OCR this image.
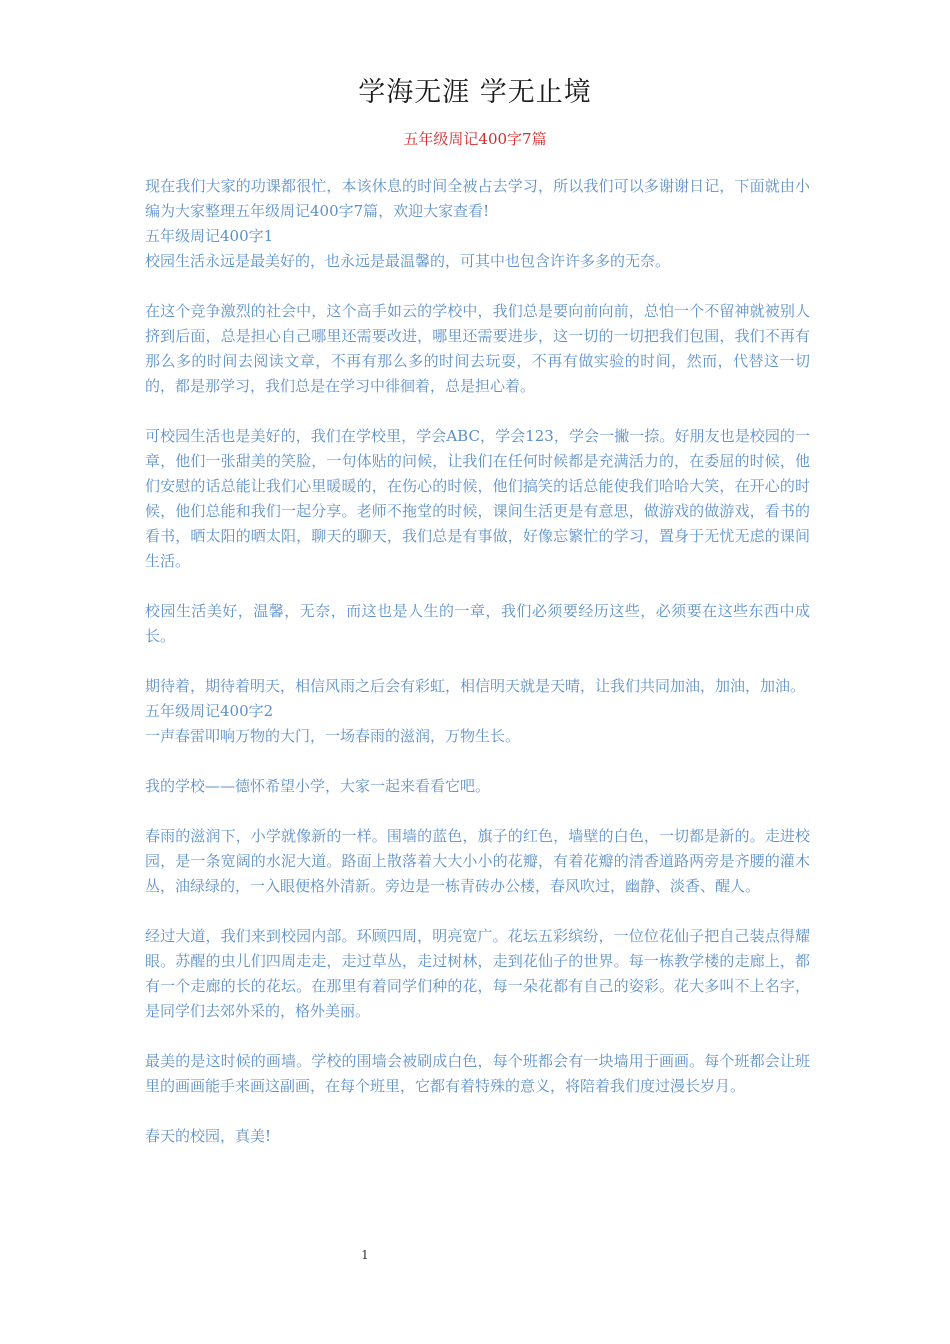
学海无涯 学无止境
五年级周记400字7篇

现在我们大家的功课都很忙，本该休息的时间全被占去学习，所以我们可以多谢谢日记，下面就由小编为大家整理五年级周记400字7篇，欢迎大家查看!

五年级周记400字1

校园生活永远是最美好的，也永远是最温馨的，可其中也包含许许多多的无奈。

在这个竞争激烈的社会中，这个高手如云的学校中，我们总是要向前向前，总怕一个不留神就被别人挤到后面，总是担心自己哪里还需要改进，哪里还需要进步，这一切的一切把我们包围，我们不再有那么多的时间去阅读文章，不再有那么多的时间去玩耍，不再有做实验的时间，然而，代替这一切的，都是那学习，我们总是在学习中徘徊着，总是担心着。

可校园生活也是美好的，我们在学校里，学会ABC，学会123，学会一撇一捺。好朋友也是校园的一章，他们一张甜美的笑脸，一句体贴的问候，让我们在任何时候都是充满活力的，在委屈的时候，他们安慰的话总能让我们心里暖暖的，在伤心的时候，他们搞笑的话总能使我们哈哈大笑，在开心的时候，他们总能和我们一起分享。老师不拖堂的时候，课间生活更是有意思，做游戏的做游戏，看书的看书，晒太阳的晒太阳，聊天的聊天，我们总是有事做，好像忘繁忙的学习，置身于无忧无虑的课间生活。

校园生活美好，温馨，无奈，而这也是人生的一章，我们必须要经历这些，必须要在这些东西中成长。

期待着，期待着明天，相信风雨之后会有彩虹，相信明天就是天晴，让我们共同加油，加油，加油。

五年级周记400字2

一声春雷叩响万物的大门，一场春雨的滋润，万物生长。

我的学校——德怀希望小学，大家一起来看看它吧。

春雨的滋润下，小学就像新的一样。围墙的蓝色，旗子的红色，墙壁的白色，一切都是新的。走进校园，是一条宽阔的水泥大道。路面上散落着大大小小的花瓣，有着花瓣的清香道路两旁是齐腰的灌木丛，油绿绿的，一入眼便格外清新。旁边是一栋青砖办公楼，春风吹过，幽静、淡香、醒人。

经过大道，我们来到校园内部。环顾四周，明亮宽广。花坛五彩缤纷，一位位花仙子把自己装点得耀眼。苏醒的虫儿们四周走走，走过草丛，走过树林，走到花仙子的世界。每一栋教学楼的走廊上，都有一个走廊的长的花坛。在那里有着同学们种的花，每一朵花都有自己的姿彩。花大多叫不上名字，是同学们去郊外采的，格外美丽。

最美的是这时候的画墙。学校的围墙会被刷成白色，每个班都会有一块墙用于画画。每个班都会让班里的画画能手来画这副画，在每个班里，它都有着特殊的意义，将陪着我们度过漫长岁月。

春天的校园，真美!

1
